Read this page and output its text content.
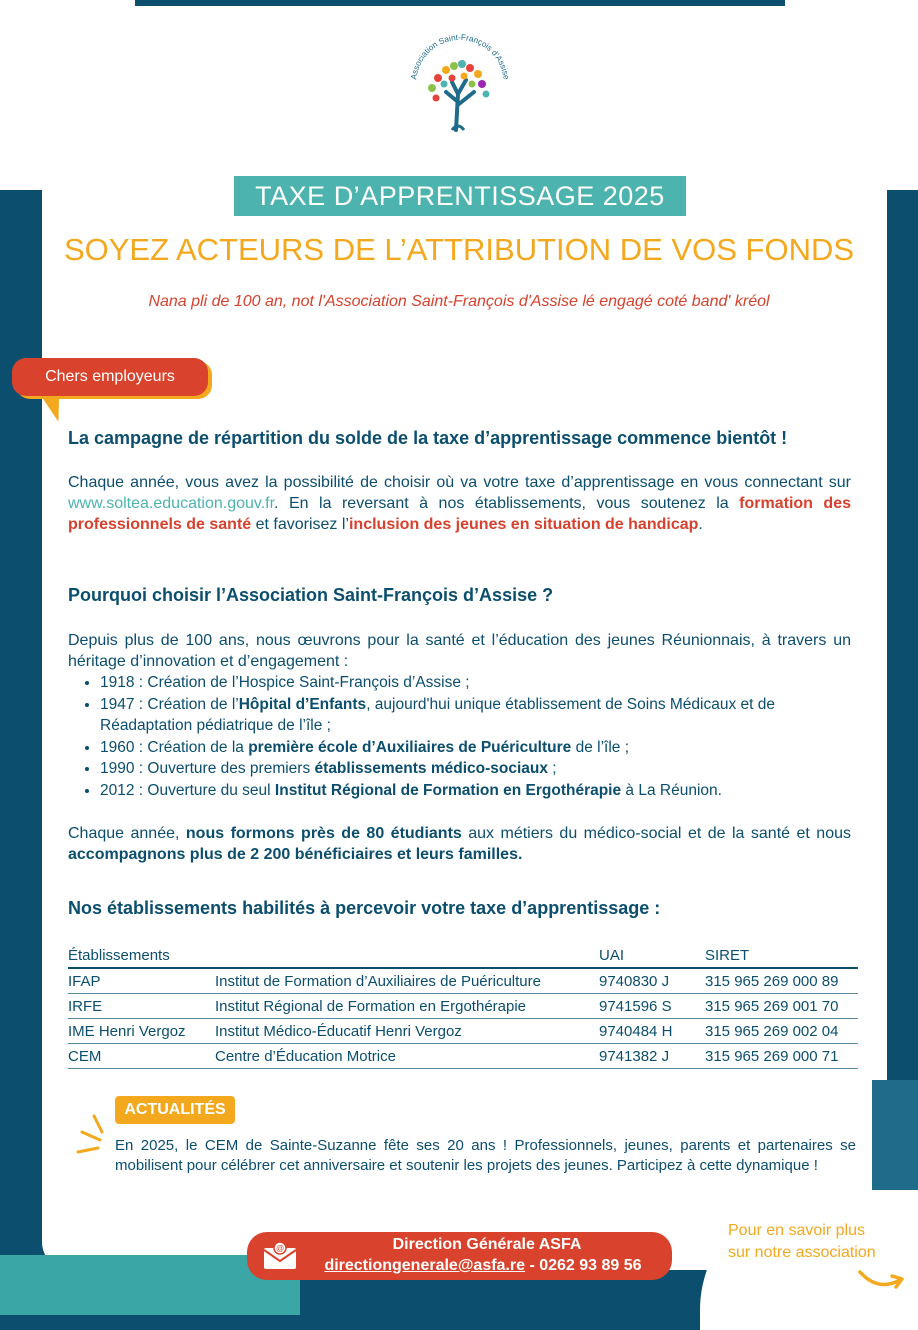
Association Saint-François d'Assise
TAXE D’APPRENTISSAGE 2025
SOYEZ ACTEURS DE L’ATTRIBUTION DE VOS FONDS
Nana pli de 100 an, not l'Association Saint-François d'Assise lé engagé coté band' kréol
Chers employeurs
La campagne de répartition du solde de la taxe d’apprentissage commence bientôt !
Chaque année, vous avez la possibilité de choisir où va votre taxe d’apprentissage en vous connectant sur www.soltea.education.gouv.fr. En la reversant à nos établissements, vous soutenez la formation des professionnels de santé et favorisez l’inclusion des jeunes en situation de handicap.
Pourquoi choisir l’Association Saint-François d’Assise ?
Depuis plus de 100 ans, nous œuvrons pour la santé et l’éducation des jeunes Réunionnais, à travers un héritage d’innovation et d’engagement :
• 1918 : Création de l’Hospice Saint-François d’Assise ;
• 1947 : Création de l’Hôpital d’Enfants, aujourd'hui unique établissement de Soins Médicaux et de Réadaptation pédiatrique de l’île ;
• 1960 : Création de la première école d’Auxiliaires de Puériculture de l’île ;
• 1990 : Ouverture des premiers établissements médico-sociaux ;
• 2012 : Ouverture du seul Institut Régional de Formation en Ergothérapie à La Réunion.
Chaque année, nous formons près de 80 étudiants aux métiers du médico-social et de la santé et nous accompagnons plus de 2 200 bénéficiaires et leurs familles.
Nos établissements habilités à percevoir votre taxe d’apprentissage :
Établissements		UAI	SIRET
IFAP	Institut de Formation d’Auxiliaires de Puériculture	9740830 J	315 965 269 000 89
IRFE	Institut Régional de Formation en Ergothérapie	9741596 S	315 965 269 001 70
IME Henri Vergoz	Institut Médico-Éducatif Henri Vergoz	9740484 H	315 965 269 002 04
CEM	Centre d’Éducation Motrice	9741382 J	315 965 269 000 71
ACTUALITÉS
En 2025, le CEM de Sainte-Suzanne fête ses 20 ans ! Professionnels, jeunes, parents et partenaires se mobilisent pour célébrer cet anniversaire et soutenir les projets des jeunes. Participez à cette dynamique !
@	Direction Générale ASFA
directiongenerale@asfa.re - 0262 93 89 56
Pour en savoir plus
sur notre association
